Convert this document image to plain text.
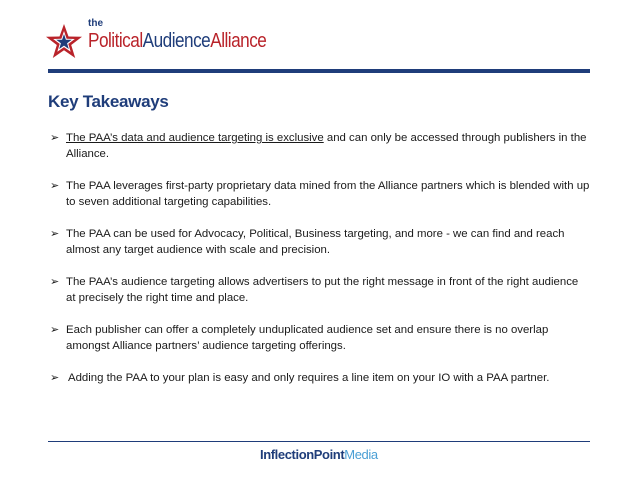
the
PoliticalAudienceAlliance
Key Takeaways
➢ The PAA’s data and audience targeting is exclusive and can only be accessed through publishers in the Alliance.
➢ The PAA leverages first-party proprietary data mined from the Alliance partners which is blended with up to seven additional targeting capabilities.
➢ The PAA can be used for Advocacy, Political, Business targeting, and more - we can find and reach almost any target audience with scale and precision.
➢ The PAA’s audience targeting allows advertisers to put the right message in front of the right audience at precisely the right time and place.
➢ Each publisher can offer a completely unduplicated audience set and ensure there is no overlap amongst Alliance partners’ audience targeting offerings.
➢ Adding the PAA to your plan is easy and only requires a line item on your IO with a PAA partner.
InflectionPointMedia
